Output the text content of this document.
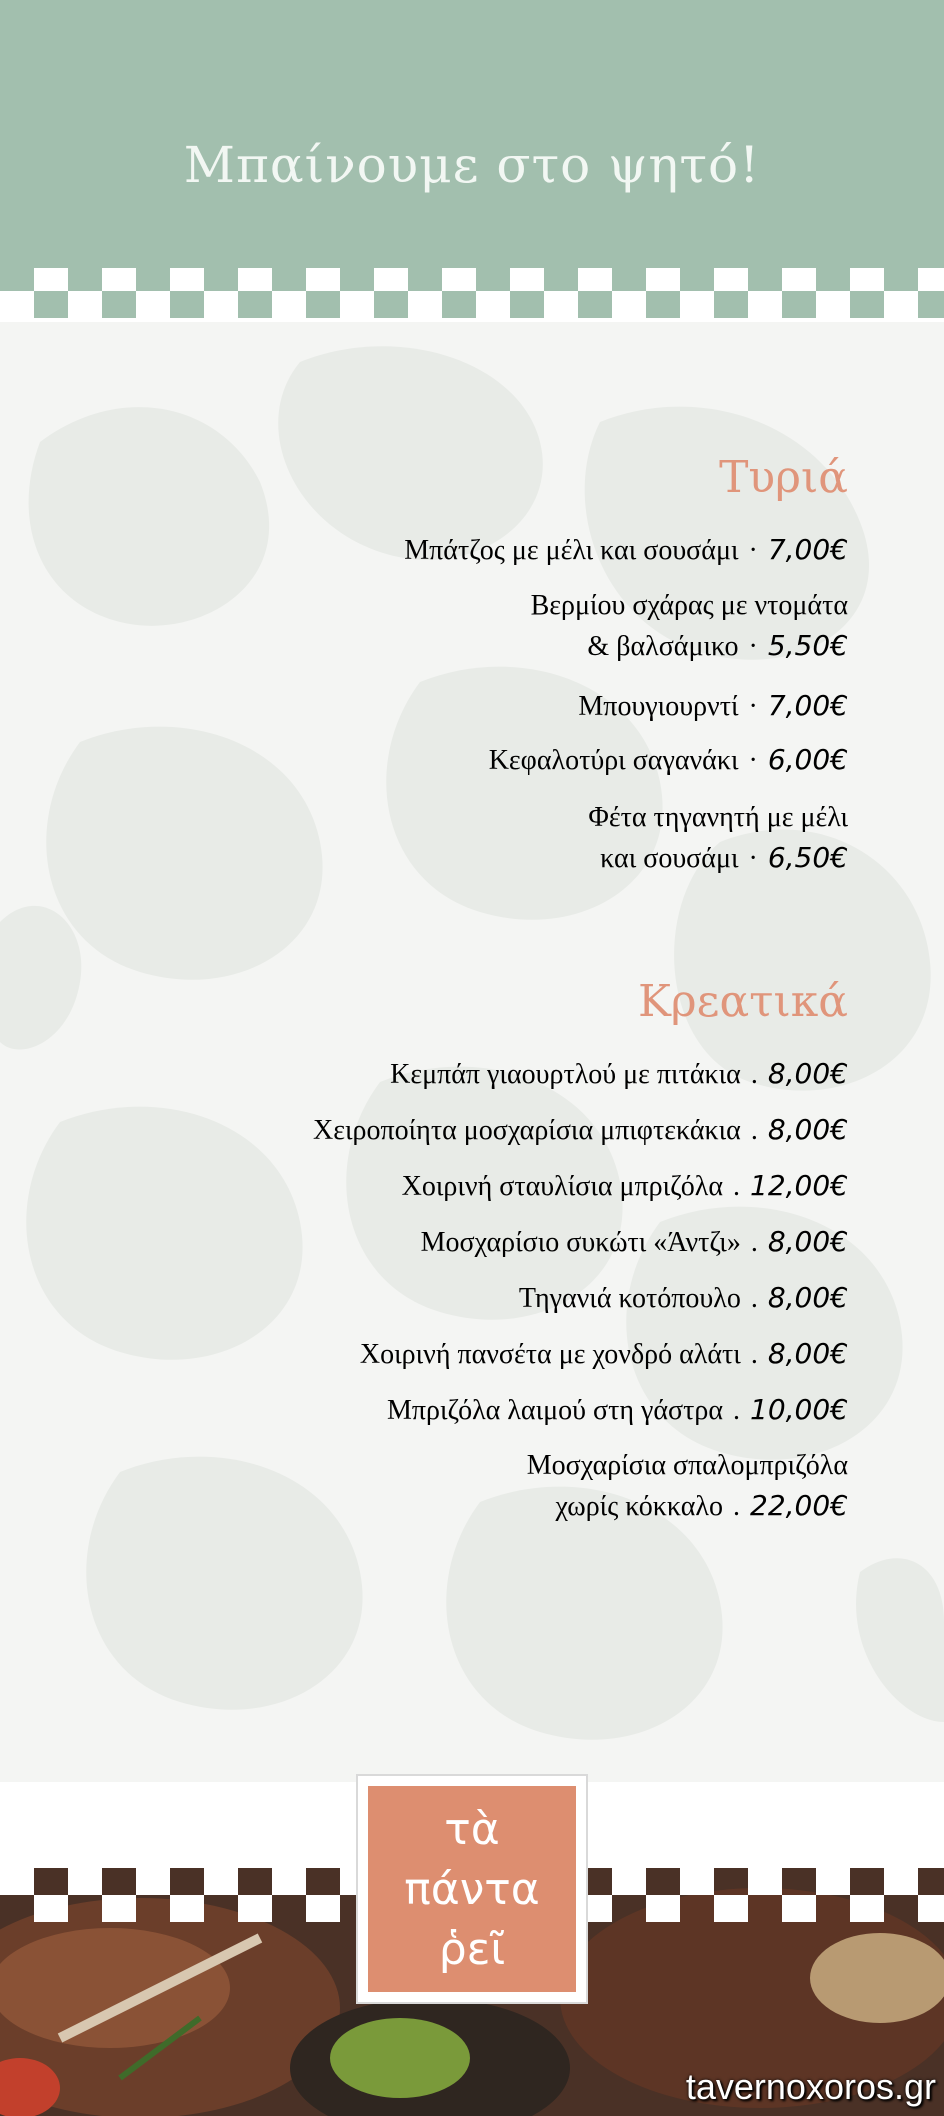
Μπαίνουμε στο ψητό!
Τυριά
Μπάτζος με μέλι και σουσάμι · 7,00€
Βερμίου σχάρας με ντομάτα
& βαλσάμικο · 5,50€
Μπουγιουρντί · 7,00€
Κεφαλοτύρι σαγανάκι · 6,00€
Φέτα τηγανητή με μέλι
και σουσάμι · 6,50€
Κρεατικά
Κεμπάπ γιαουρτλού με πιτάκια . 8,00€
Χειροποίητα μοσχαρίσια μπιφτεκάκια . 8,00€
Χοιρινή σταυλίσια μπριζόλα . 12,00€
Μοσχαρίσιο συκώτι «Άντζι» . 8,00€
Τηγανιά κοτόπουλο . 8,00€
Χοιρινή πανσέτα με χονδρό αλάτι . 8,00€
Μπριζόλα λαιμού στη γάστρα . 10,00€
Μοσχαρίσια σπαλομπριζόλα
χωρίς κόκκαλο . 22,00€
τὰ
πάντα
ῥεῖ
tavernoxoros.gr
